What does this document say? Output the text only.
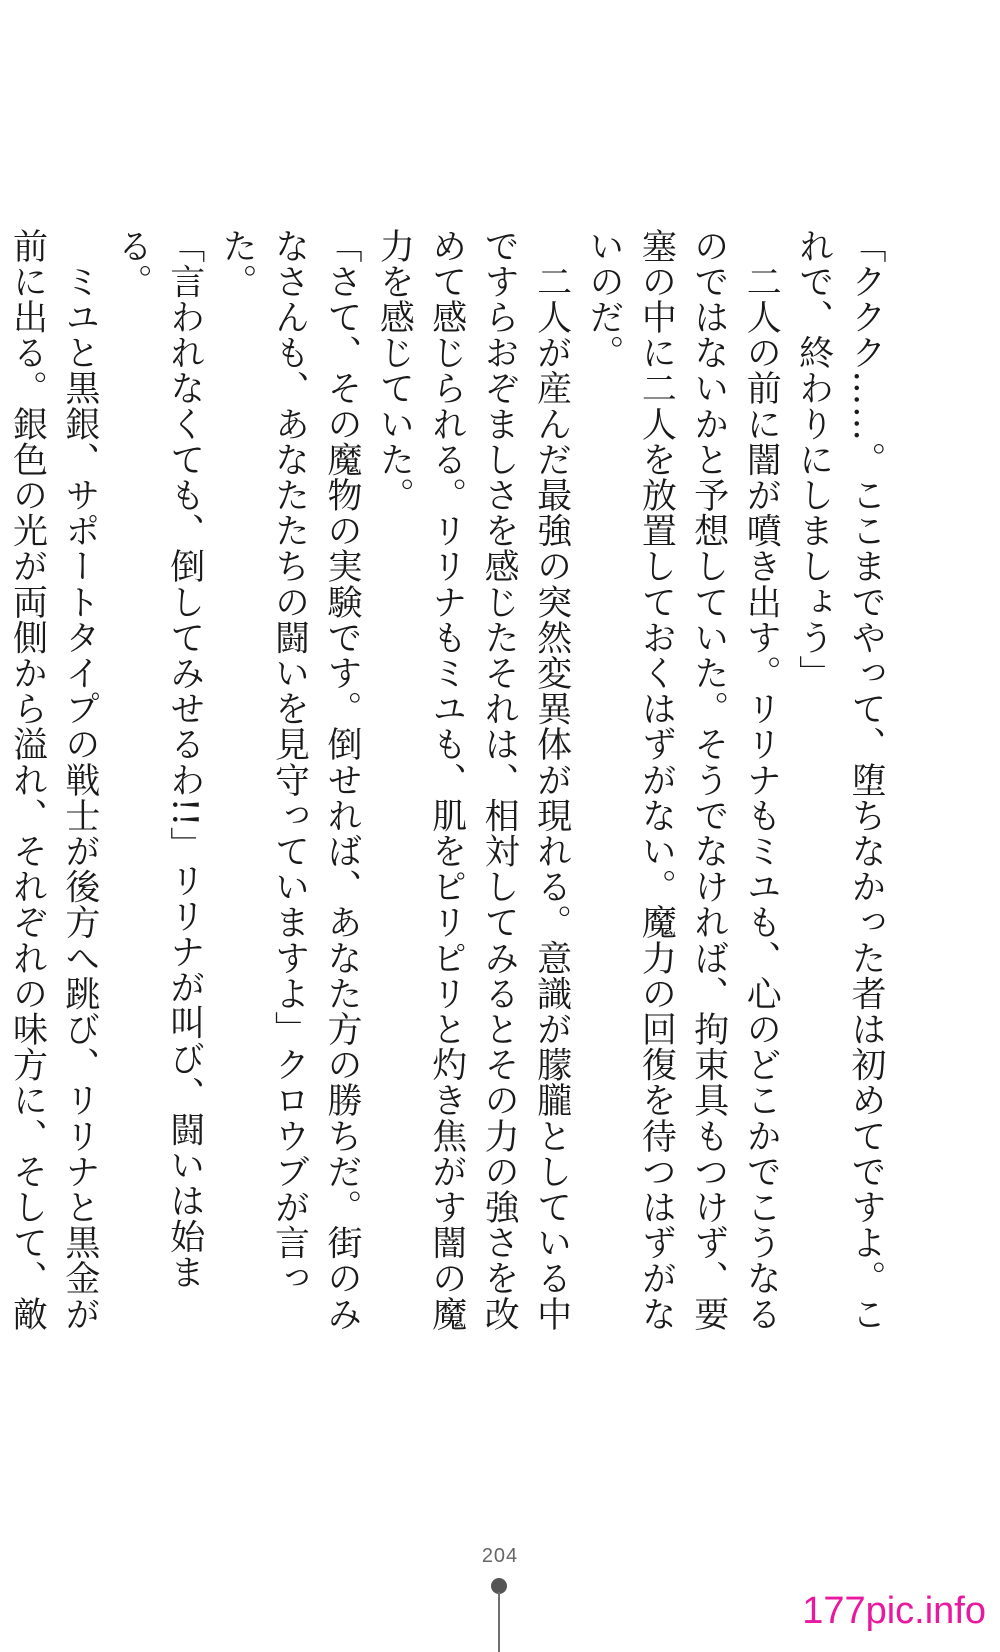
「ククク……。ここまでやって、堕ちなかった者は初めてですよ。これで、終わりにしましょう」

　二人の前に闇が噴き出す。リリナもミユも、心のどこかでこうなるのではないかと予想していた。そうでなければ、拘束具もつけず、要塞の中に二人を放置しておくはずがない。魔力の回復を待つはずがないのだ。

　二人が産んだ最強の突然変異体が現れる。意識が朦朧としている中ですらおぞましさを感じたそれは、相対してみるとその力の強さを改めて感じられる。リリナもミユも、肌をピリピリと灼き焦がす闇の魔力を感じていた。

「さて、その魔物の実験です。倒せれば、あなた方の勝ちだ。街のみなさんも、あなたたちの闘いを見守っていますよ」クロウブが言った。

「言われなくても、倒してみせるわ!!」リリナが叫び、闘いは始まる。

　ミユと黒銀、サポートタイプの戦士が後方へ跳び、リリナと黒金が前に出る。銀色の光が両側から溢れ、それぞれの味方に、そして、敵

204
177pic.info
